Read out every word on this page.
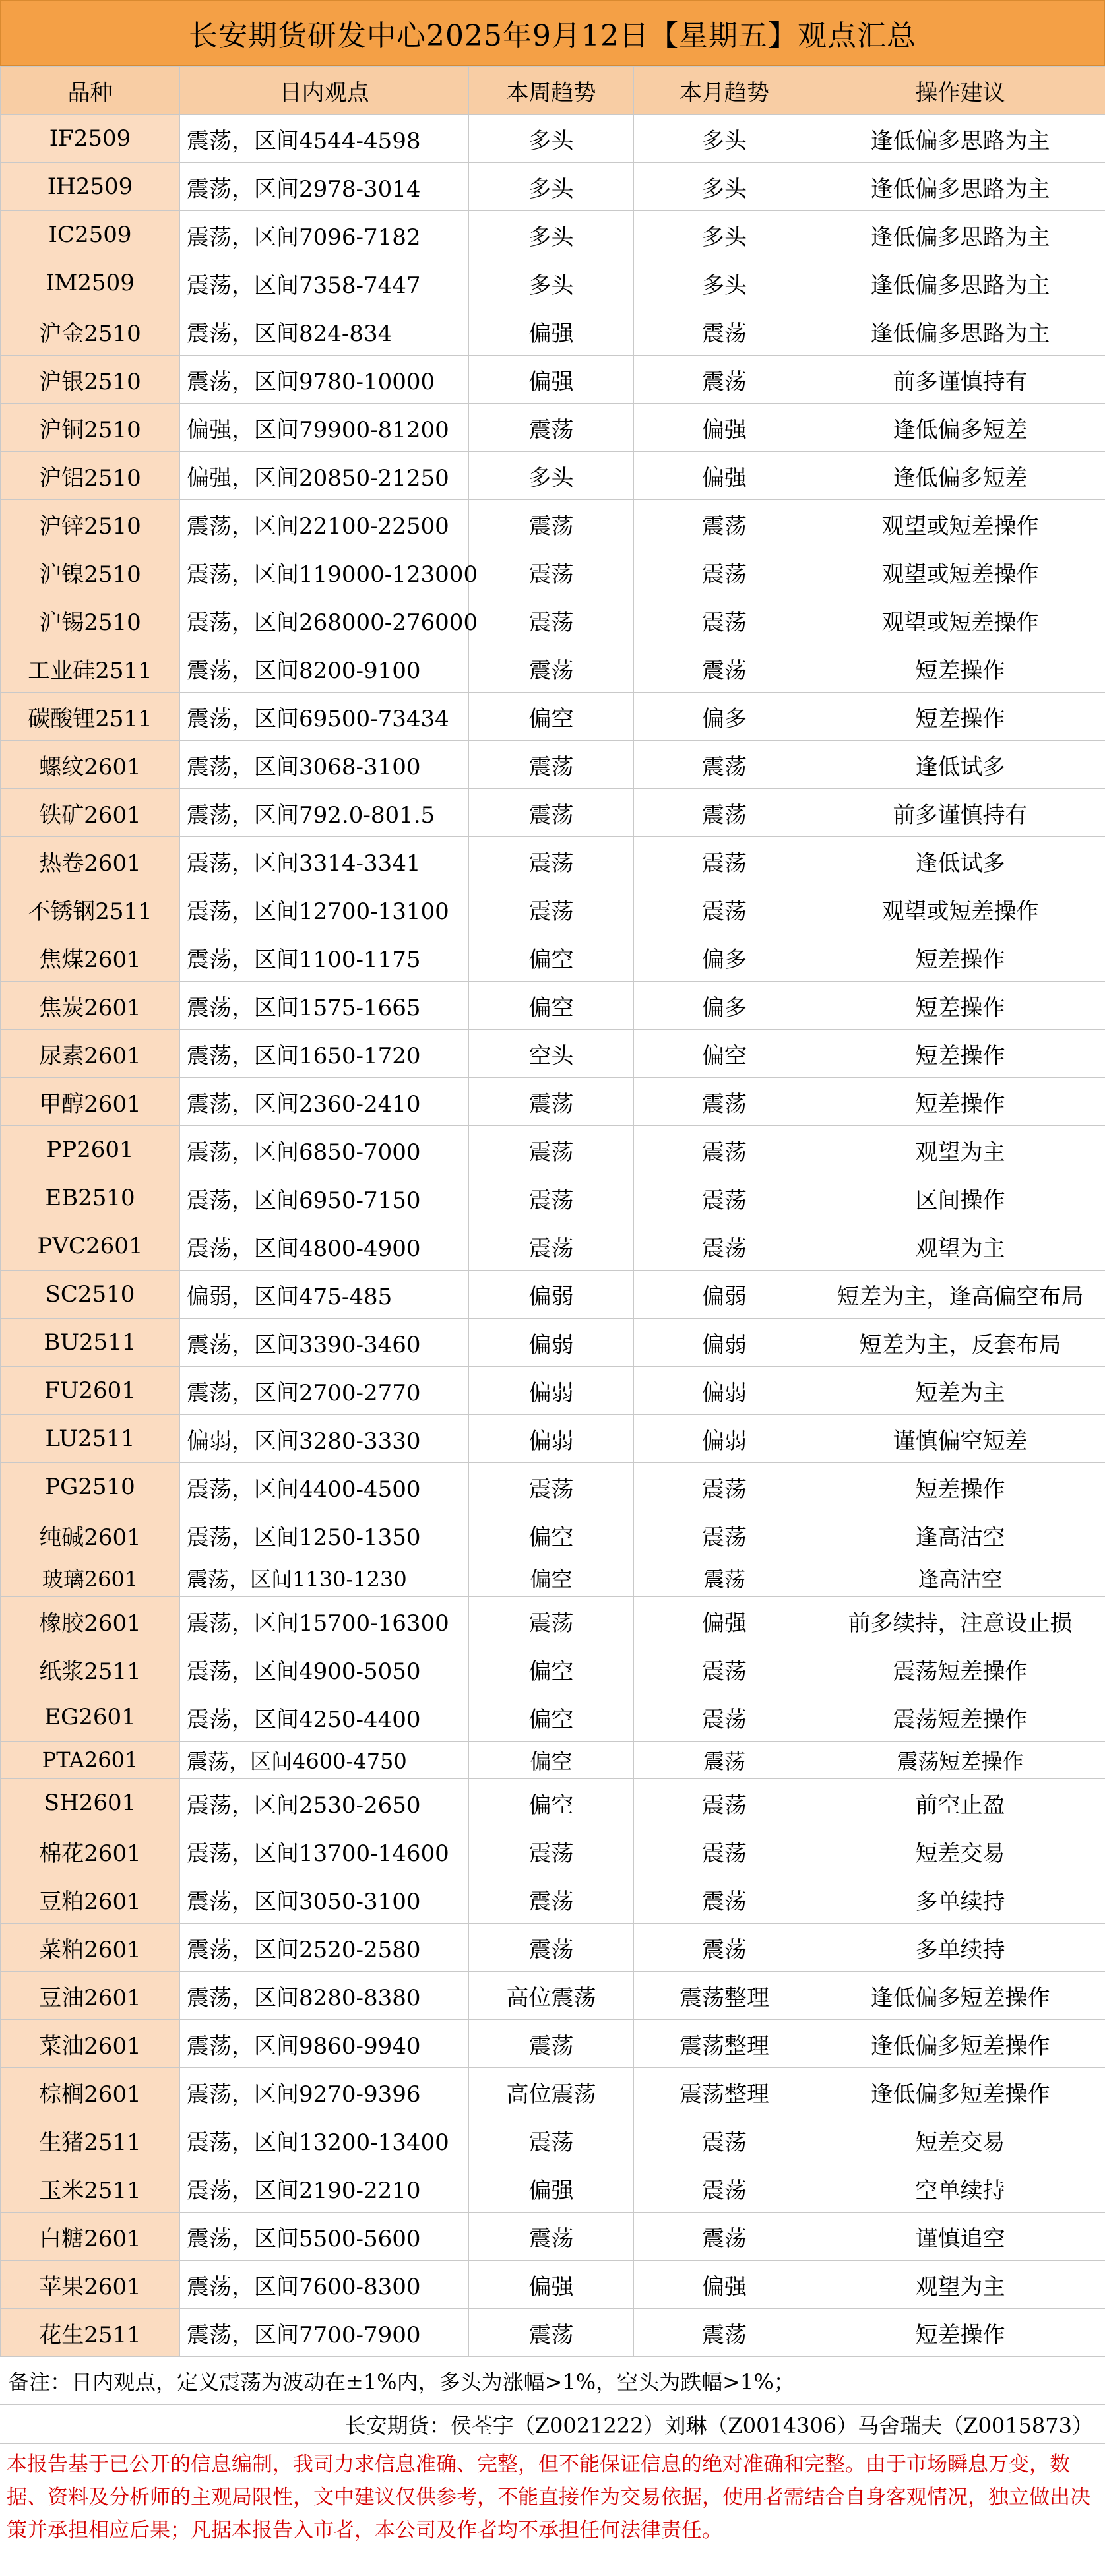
长安期货研发中心2025年9月12日【星期五】观点汇总
品种	日内观点	本周趋势	本月趋势	操作建议
IF2509	震荡，区间4544-4598	多头	多头	逢低偏多思路为主
IH2509	震荡，区间2978-3014	多头	多头	逢低偏多思路为主
IC2509	震荡，区间7096-7182	多头	多头	逢低偏多思路为主
IM2509	震荡，区间7358-7447	多头	多头	逢低偏多思路为主
沪金2510	震荡，区间824-834	偏强	震荡	逢低偏多思路为主
沪银2510	震荡，区间9780-10000	偏强	震荡	前多谨慎持有
沪铜2510	偏强，区间79900-81200	震荡	偏强	逢低偏多短差
沪铝2510	偏强，区间20850-21250	多头	偏强	逢低偏多短差
沪锌2510	震荡，区间22100-22500	震荡	震荡	观望或短差操作
沪镍2510	震荡，区间119000-123000	震荡	震荡	观望或短差操作
沪锡2510	震荡，区间268000-276000	震荡	震荡	观望或短差操作
工业硅2511	震荡，区间8200-9100	震荡	震荡	短差操作
碳酸锂2511	震荡，区间69500-73434	偏空	偏多	短差操作
螺纹2601	震荡，区间3068-3100	震荡	震荡	逢低试多
铁矿2601	震荡，区间792.0-801.5	震荡	震荡	前多谨慎持有
热卷2601	震荡，区间3314-3341	震荡	震荡	逢低试多
不锈钢2511	震荡，区间12700-13100	震荡	震荡	观望或短差操作
焦煤2601	震荡，区间1100-1175	偏空	偏多	短差操作
焦炭2601	震荡，区间1575-1665	偏空	偏多	短差操作
尿素2601	震荡，区间1650-1720	空头	偏空	短差操作
甲醇2601	震荡，区间2360-2410	震荡	震荡	短差操作
PP2601	震荡，区间6850-7000	震荡	震荡	观望为主
EB2510	震荡，区间6950-7150	震荡	震荡	区间操作
PVC2601	震荡，区间4800-4900	震荡	震荡	观望为主
SC2510	偏弱，区间475-485	偏弱	偏弱	短差为主，逢高偏空布局
BU2511	震荡，区间3390-3460	偏弱	偏弱	短差为主，反套布局
FU2601	震荡，区间2700-2770	偏弱	偏弱	短差为主
LU2511	偏弱，区间3280-3330	偏弱	偏弱	谨慎偏空短差
PG2510	震荡，区间4400-4500	震荡	震荡	短差操作
纯碱2601	震荡，区间1250-1350	偏空	震荡	逢高沽空
玻璃2601	震荡，区间1130-1230	偏空	震荡	逢高沽空
橡胶2601	震荡，区间15700-16300	震荡	偏强	前多续持，注意设止损
纸浆2511	震荡，区间4900-5050	偏空	震荡	震荡短差操作
EG2601	震荡，区间4250-4400	偏空	震荡	震荡短差操作
PTA2601	震荡，区间4600-4750	偏空	震荡	震荡短差操作
SH2601	震荡，区间2530-2650	偏空	震荡	前空止盈
棉花2601	震荡，区间13700-14600	震荡	震荡	短差交易
豆粕2601	震荡，区间3050-3100	震荡	震荡	多单续持
菜粕2601	震荡，区间2520-2580	震荡	震荡	多单续持
豆油2601	震荡，区间8280-8380	高位震荡	震荡整理	逢低偏多短差操作
菜油2601	震荡，区间9860-9940	震荡	震荡整理	逢低偏多短差操作
棕榈2601	震荡，区间9270-9396	高位震荡	震荡整理	逢低偏多短差操作
生猪2511	震荡，区间13200-13400	震荡	震荡	短差交易
玉米2511	震荡，区间2190-2210	偏强	震荡	空单续持
白糖2601	震荡，区间5500-5600	震荡	震荡	谨慎追空
苹果2601	震荡，区间7600-8300	偏强	偏强	观望为主
花生2511	震荡，区间7700-7900	震荡	震荡	短差操作
备注：日内观点，定义震荡为波动在±1%内，多头为涨幅>1%，空头为跌幅>1%；
长安期货：侯荃宇（Z0021222）刘琳（Z0014306）马舍瑞夫（Z0015873）
本报告基于已公开的信息编制，我司力求信息准确、完整，但不能保证信息的绝对准确和完整。由于市场瞬息万变，数据、资料及分析师的主观局限性，文中建议仅供参考，不能直接作为交易依据，使用者需结合自身客观情况，独立做出决策并承担相应后果；凡据本报告入市者，本公司及作者均不承担任何法律责任。
